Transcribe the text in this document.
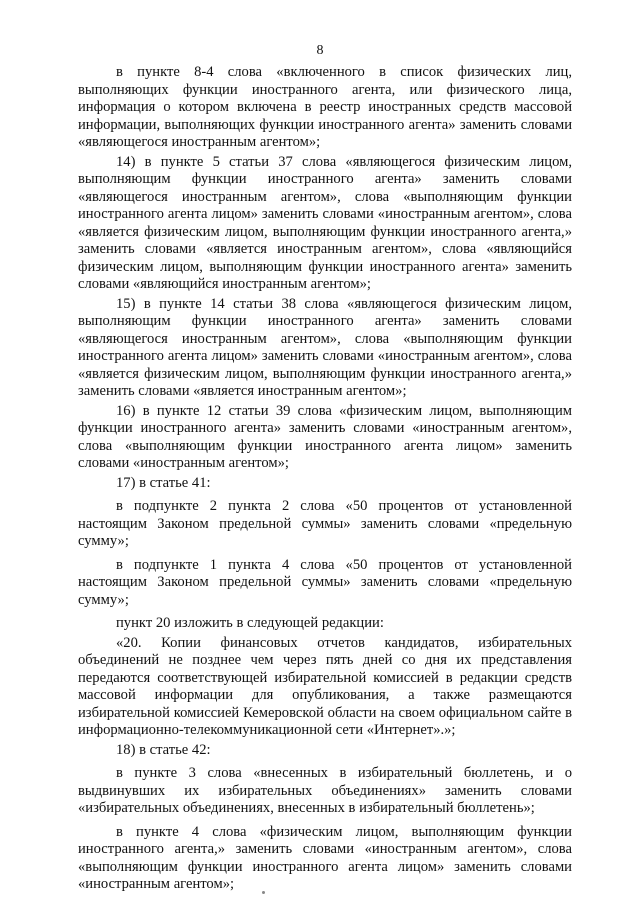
8

в пункте 8-4 слова «включенного в список физических лиц, выполняющих функции иностранного агента, или физического лица, информация о котором включена в реестр иностранных средств массовой информации, выполняющих функции иностранного агента» заменить словами «являющегося иностранным агентом»;

14) в пункте 5 статьи 37 слова «являющегося физическим лицом, выполняющим функции иностранного агента» заменить словами «являющегося иностранным агентом», слова «выполняющим функции иностранного агента лицом» заменить словами «иностранным агентом», слова «является физическим лицом, выполняющим функции иностранного агента,» заменить словами «является иностранным агентом», слова «являющийся физическим лицом, выполняющим функции иностранного агента» заменить словами «являющийся иностранным агентом»;

15) в пункте 14 статьи 38 слова «являющегося физическим лицом, выполняющим функции иностранного агента» заменить словами «являющегося иностранным агентом», слова «выполняющим функции иностранного агента лицом» заменить словами «иностранным агентом», слова «является физическим лицом, выполняющим функции иностранного агента,» заменить словами «является иностранным агентом»;

16) в пункте 12 статьи 39 слова «физическим лицом, выполняющим функции иностранного агента» заменить словами «иностранным агентом», слова «выполняющим функции иностранного агента лицом» заменить словами «иностранным агентом»;

17) в статье 41:

в подпункте 2 пункта 2 слова «50 процентов от установленной настоящим Законом предельной суммы» заменить словами «предельную сумму»;

в подпункте 1 пункта 4 слова «50 процентов от установленной настоящим Законом предельной суммы» заменить словами «предельную сумму»;

пункт 20 изложить в следующей редакции:

«20. Копии финансовых отчетов кандидатов, избирательных объединений не позднее чем через пять дней со дня их представления передаются соответствующей избирательной комиссией в редакции средств массовой информации для опубликования, а также размещаются избирательной комиссией Кемеровской области на своем официальном сайте в информационно-телекоммуникационной сети «Интернет».»;

18) в статье 42:

в пункте 3 слова «внесенных в избирательный бюллетень, и о выдвинувших их избирательных объединениях» заменить словами «избирательных объединениях, внесенных в избирательный бюллетень»;

в пункте 4 слова «физическим лицом, выполняющим функции иностранного агента,» заменить словами «иностранным агентом», слова «выполняющим функции иностранного агента лицом» заменить словами «иностранным агентом»;
